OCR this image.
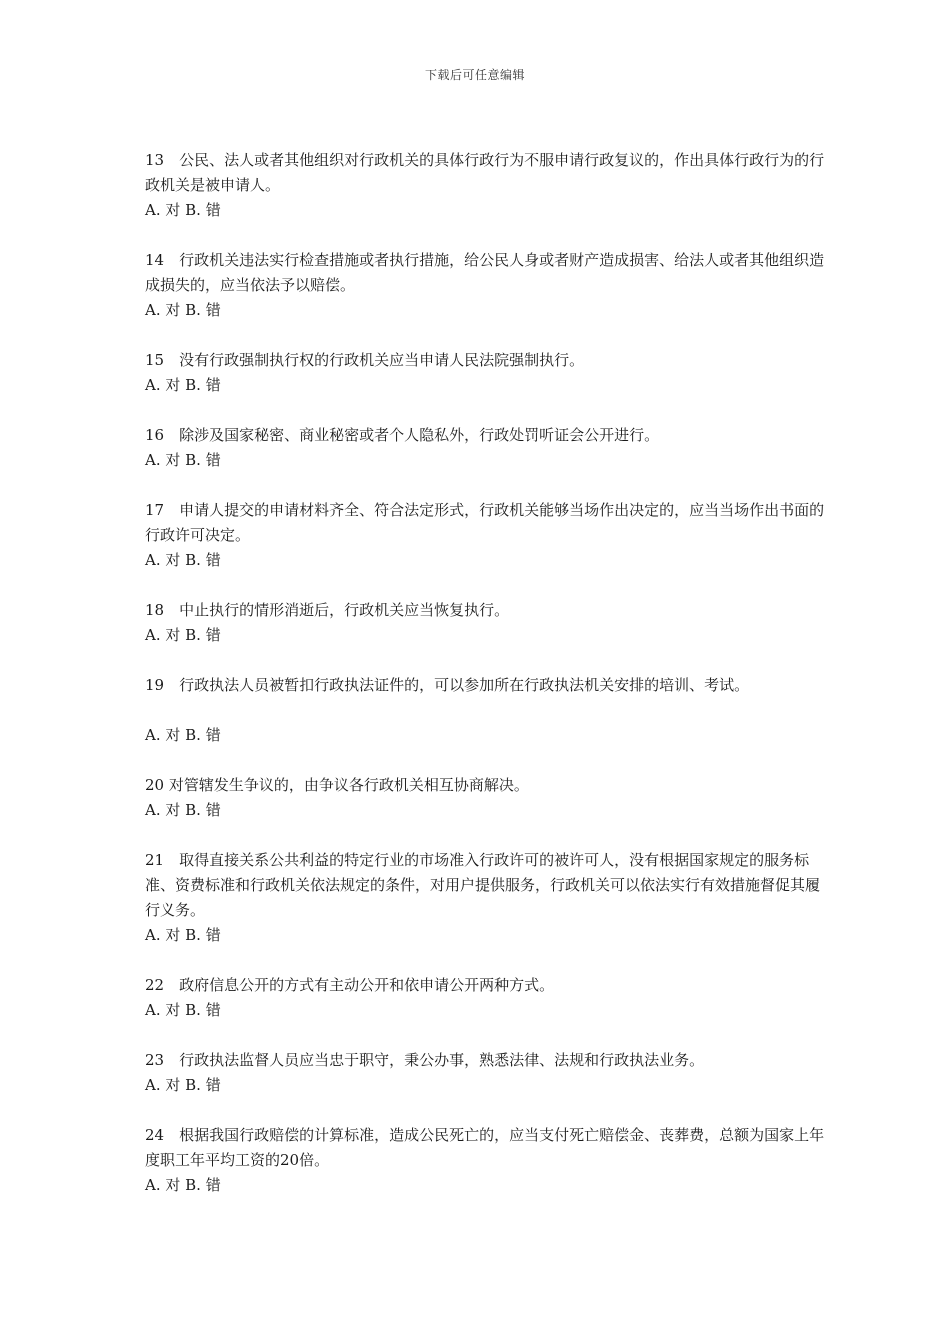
下载后可任意编辑

13　公民、法人或者其他组织对行政机关的具体行政行为不服申请行政复议的，作出具体行政行为的行政机关是被申请人。

A. 对 B. 错

14　行政机关违法实行检查措施或者执行措施，给公民人身或者财产造成损害、给法人或者其他组织造成损失的，应当依法予以赔偿。

A. 对 B. 错

15　没有行政强制执行权的行政机关应当申请人民法院强制执行。

A. 对 B. 错

16　除涉及国家秘密、商业秘密或者个人隐私外，行政处罚听证会公开进行。

A. 对 B. 错

17　申请人提交的申请材料齐全、符合法定形式，行政机关能够当场作出决定的，应当当场作出书面的行政许可决定。

A. 对 B. 错

18　中止执行的情形消逝后，行政机关应当恢复执行。

A. 对 B. 错

19　行政执法人员被暂扣行政执法证件的，可以参加所在行政执法机关安排的培训、考试。

A. 对 B. 错

20 对管辖发生争议的，由争议各行政机关相互协商解决。

A. 对 B. 错

21　取得直接关系公共利益的特定行业的市场准入行政许可的被许可人，没有根据国家规定的服务标准、资费标准和行政机关依法规定的条件，对用户提供服务，行政机关可以依法实行有效措施督促其履行义务。

A. 对 B. 错

22　政府信息公开的方式有主动公开和依申请公开两种方式。

A. 对 B. 错

23　行政执法监督人员应当忠于职守，秉公办事，熟悉法律、法规和行政执法业务。

A. 对 B. 错

24　根据我国行政赔偿的计算标准，造成公民死亡的，应当支付死亡赔偿金、丧葬费，总额为国家上年度职工年平均工资的20倍。

A. 对 B. 错
